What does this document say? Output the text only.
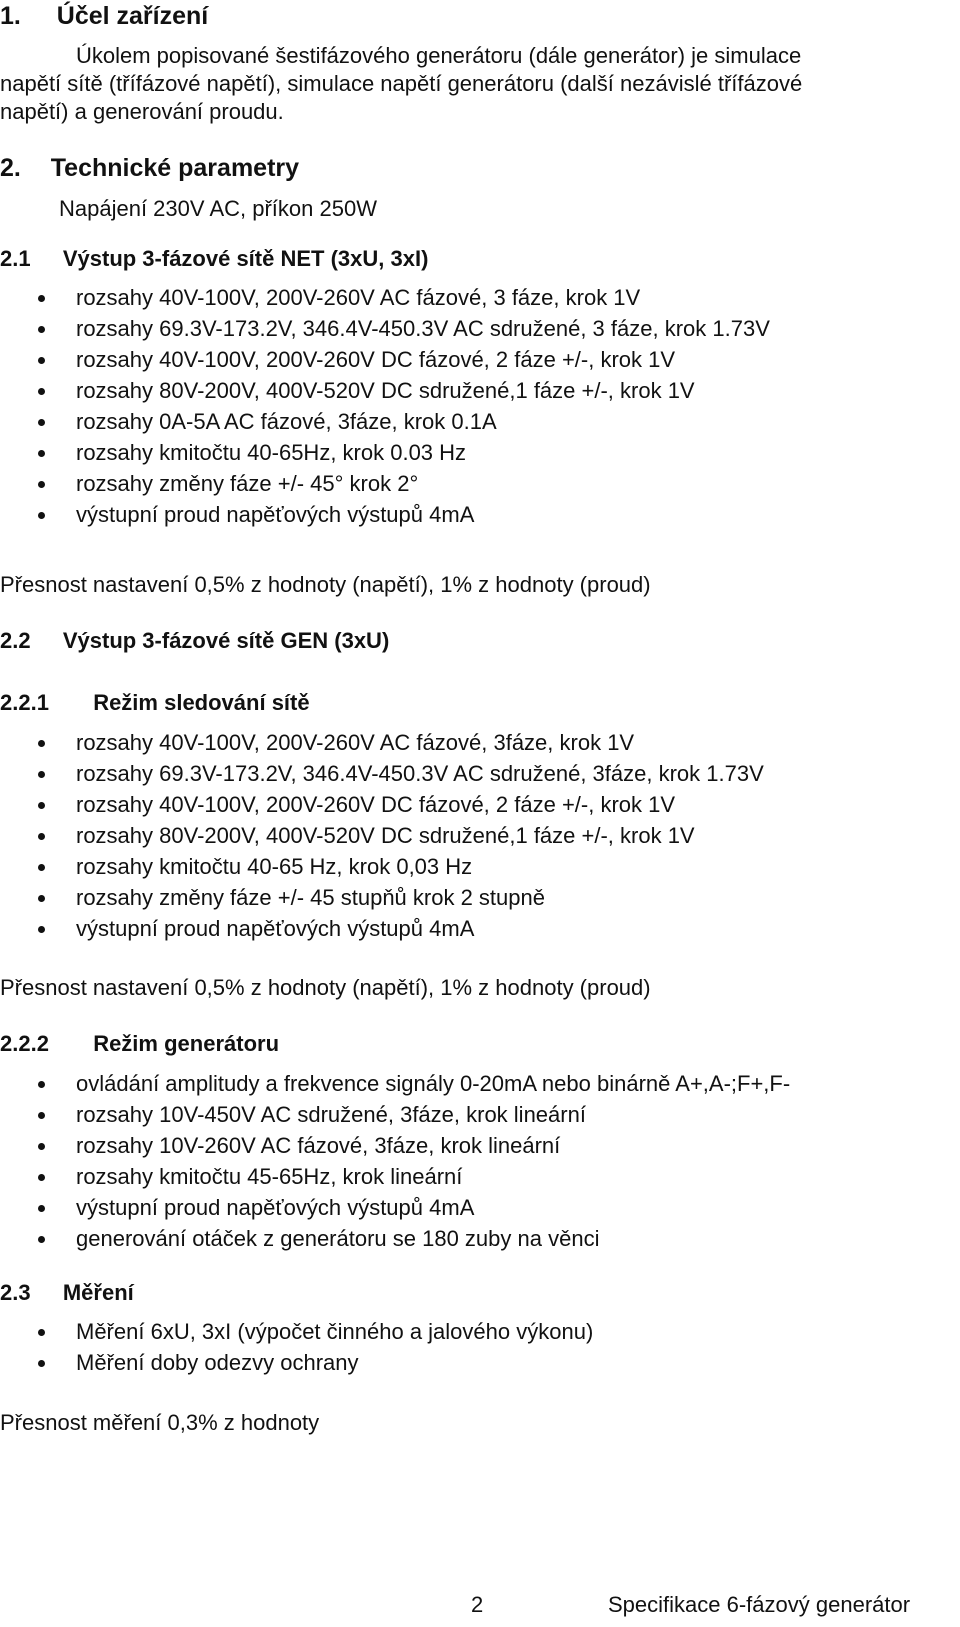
1. Účel zařízení
Úkolem popisované šestifázového generátoru (dále generátor) je simulace
napětí sítě (třífázové napětí), simulace napětí generátoru (další nezávislé třífázové
napětí) a generování proudu.
2. Technické parametry
Napájení 230V AC, příkon 250W
2.1 Výstup 3-fázové sítě NET (3xU, 3xI)
rozsahy 40V-100V, 200V-260V AC fázové, 3 fáze, krok 1V
rozsahy 69.3V-173.2V, 346.4V-450.3V AC sdružené, 3 fáze, krok 1.73V
rozsahy 40V-100V, 200V-260V DC fázové, 2 fáze +/-, krok 1V
rozsahy 80V-200V, 400V-520V DC sdružené,1 fáze +/-, krok 1V
rozsahy 0A-5A AC fázové, 3fáze, krok 0.1A
rozsahy kmitočtu 40-65Hz, krok 0.03 Hz
rozsahy změny fáze +/- 45° krok 2°
výstupní proud napěťových výstupů 4mA
Přesnost nastavení 0,5% z hodnoty (napětí), 1% z hodnoty (proud)
2.2 Výstup 3-fázové sítě GEN (3xU)
2.2.1 Režim sledování sítě
rozsahy 40V-100V, 200V-260V AC fázové, 3fáze, krok 1V
rozsahy 69.3V-173.2V, 346.4V-450.3V AC sdružené, 3fáze, krok 1.73V
rozsahy 40V-100V, 200V-260V DC fázové, 2 fáze +/-, krok 1V
rozsahy 80V-200V, 400V-520V DC sdružené,1 fáze +/-, krok 1V
rozsahy kmitočtu 40-65 Hz, krok 0,03 Hz
rozsahy změny fáze +/- 45 stupňů krok 2 stupně
výstupní proud napěťových výstupů 4mA
Přesnost nastavení 0,5% z hodnoty (napětí), 1% z hodnoty (proud)
2.2.2 Režim generátoru
ovládání amplitudy a frekvence signály 0-20mA nebo binárně A+,A-;F+,F-
rozsahy 10V-450V AC sdružené, 3fáze, krok lineární
rozsahy 10V-260V AC fázové, 3fáze, krok lineární
rozsahy kmitočtu 45-65Hz, krok lineární
výstupní proud napěťových výstupů 4mA
generování otáček z generátoru se 180 zuby na věnci
2.3 Měření
Měření 6xU, 3xI (výpočet činného a jalového výkonu)
Měření doby odezvy ochrany
Přesnost měření 0,3% z hodnoty
2	Specifikace 6-fázový generátor
